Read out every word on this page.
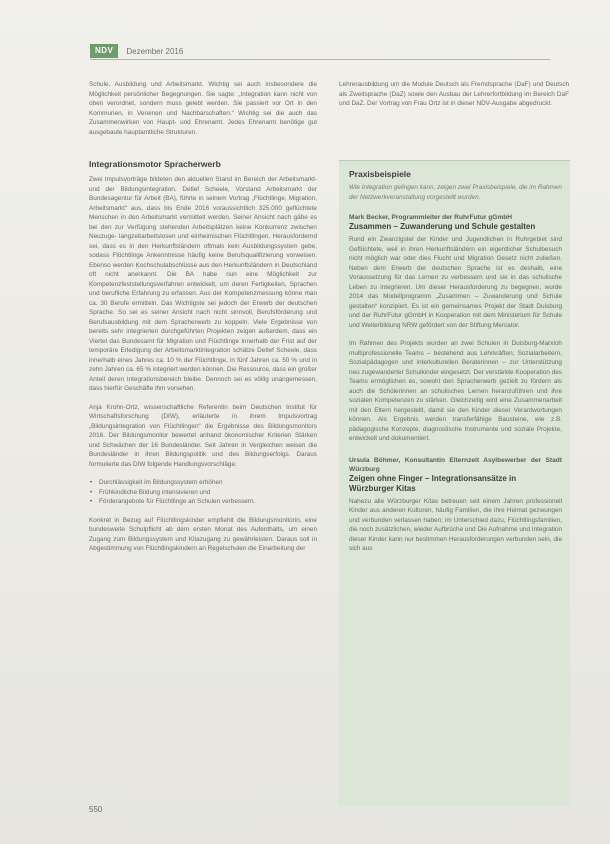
NDV	Dezember 2016

Schule, Ausbildung und Arbeitsmarkt. Wichtig sei auch insbesondere die Möglichkeit persönlicher Begegnungen. Sie sagte: „Integration kann nicht von oben verordnet, sondern muss gelebt werden. Sie passiert vor Ort in den Kommunen, in Vereinen und Nachbarschaften.“ Wichtig sei die auch das Zusammenwirken von Haupt- und Ehrenamt. Jedes Ehrenamt benötige gut ausgebaute hauptamtliche Strukturen.

Integrationsmotor Spracherwerb

Zwei Impulsvorträge bildeten den aktuellen Stand im Bereich der Arbeitsmarkt- und der Bildungsintegration. Detlef Scheele, Vorstand Arbeitsmarkt der Bundesagentur für Arbeit (BA), führte in seinem Vortrag „Flüchtlinge, Migration, Arbeitsmarkt“ aus, dass bis Ende 2016 voraussichtlich 325.000 geflüchtete Menschen in den Arbeitsmarkt vermittelt werden. Seiner Ansicht nach gäbe es bei den zur Verfügung stehenden Arbeitsplätzen keine Konkurrenz zwischen Neuzuge- langzeitarbeitslosen und einheimischen Flüchtlingen. Herausfordernd sei, dass es in den Herkunftsländern oftmals kein Ausbildungssystem gebe, sodass Flüchtlinge Ankenntnisse häufig keine Berufsqualifizierung vorweisen. Ebenso werden Kochschulabschlüsse aus den Herkunftsländern in Deutschland oft nicht anerkannt. Die BA habe nun eine Möglichkeit zur Kompetenzfeststellungsverfahren entwickelt, um deren Fertigkeiten, Sprachen und berufliche Erfahrung zu erfassen. Aus der Kompetenzmessung könne man ca. 30 Berufe ermitteln. Das Wichtigste sei jedoch der Erwerb der deutschen Sprache. So sei es seiner Ansicht nach nicht sinnvoll, Berufsförderung und Berufsausbildung mit dem Spracherwerb zu koppeln. Viele Ergebnisse von bereits sehr integrierten durchgeführten Projekten zeigen außerdem, dass ein Viertel das Bundesamt für Migration und Flüchtlinge innerhalb der Frist auf der temporäre Erledigung der Arbeitsmarktintegration schätze Detlef Scheele, dass innerhalb eines Jahres ca. 10 % der Flüchtlinge, in fünf Jahren ca. 50 % und in zehn Jahren ca. 65 % integriert werden können. Die Ressource, dass ein großer Anteil deren Integrationsbereich bleibe. Dennoch sei es völlig unangemessen, dass hierfür Geschäfte ihm vorsehen.

Anja Krohn-Ortz, wissenschaftliche Referentin beim Deutschen Institut für Wirtschaftsforschung (DIW), erläuterte in ihrem Impulsvortrag „Bildungsintegration von Flüchtlingen“ die Ergebnisse des Bildungsmonitors 2016. Der Bildungsmonitor bewertet anhand ökonomischer Kriterien Stärken und Schwächen der 16 Bundesländer. Seit Jahren in Vergleichen weisen die Bundesländer in ihren Bildungspolitik und des Bildungserfolgs. Daraus formulierte das DIW folgende Handlungsvorschläge:

• Durchlässigkeit im Bildungssystem erhöhen
• Frühkindliche Bildung intensivieren und
• Förderangebote für Flüchtlinge an Schulen verbessern.

Konkret in Bezug auf Flüchtlingskinder empfiehlt die Bildungsmonitorin, eine bundesweite Schulpflicht ab dem ersten Monat des Aufenthalts, um einen Zugang zum Bildungssystem und Kitazugang zu gewährleisten. Daraus soll in Abgestimmung von Flüchtlingskindern an Regelschulen die Einarbeitung der

Lehrerausbildung um die Module Deutsch als Fremdsprache (DaF) und Deutsch als Zweitsprache (DaZ) sowie den Ausbau der Lehrerfortbildung im Bereich DaF und DaZ. Der Vortrag von Frau Ortz ist in dieser NDV-Ausgabe abgedruckt.

Praxisbeispiele

Wie Integration gelingen kann, zeigen zwei Praxisbeispiele, die im Rahmen der Netzwerkveranstaltung vorgestellt wurden.

Mark Becker, Programmleiter der RuhrFutur gGmbH

Zusammen – Zuwanderung und Schule gestalten

Rund ein Zwanzigstel der Kinder und Jugendlichen in Ruhrgebiet sind Geflüchtete, weil in ihren Herkunftsländern ein eigentlicher Schulbesuch nicht möglich war oder dies Flucht und Migration Gesetz nicht zuließen. Neben dem Erwerb der deutschen Sprache ist es deshalb, eine Voraussetzung für das Lernen zu verbessern und sie in das schulische Leben zu integrieren. Um dieser Herausforderung zu begegnen, wurde 2014 das Modellprogramm „Zusammen – Zuwanderung und Schule gestalten“ konzipiert. Es ist ein gemeinsames Projekt der Stadt Duisburg und der RuhrFutur gGmbH in Kooperation mit dem Ministerium für Schule und Weiterbildung NRW gefördert von der Stiftung Mercator.

Im Rahmen des Projekts wurden an zwei Schulen in Duisburg-Marxloh multiprofessionelle Teams – bestehend aus Lehrkräften, Sozialarbeitern, Sozialpädagogen und interkulturellen Beraterinnen – zur Unterstützung neu zugewanderter Schulkinder eingesetzt. Der verstärkte Kooperation des Teams ermöglichen es, sowohl den Spracherwerb gezielt zu fördern als auch die Schülerinnen an schulisches Lernen heranzuführen und ihre sozialen Kompetenzen zu stärken. Gleichzeitig wird eine Zusammenarbeit mit den Eltern hergestellt, damit sie den Kinder dieser Verantwortungen können. Als Ergebnis werden transferfähige Bausteine, wie z.B. pädagogische Konzepte, diagnostische Instrumente und soziale Projekte, entwickelt und dokumentiert.

Ursula Böhmer, Konsultantin Elternzeit Asylbewerber der Stadt Würzburg

Zeigen ohne Finger – Integrationsansätze in Würzburger Kitas

Nahezu alle Würzburger Kitas betreuen seit einem Jahren professionell Kinder aus anderen Kulturen, häufig Familien, die ihre Heimat gezwungen und verbunden verlassen haben; im Unterschied dazu, Flüchtlingsfamilien, die noch zusätzlichen, wieder Aufbrüche und Die Aufnahme und Integration dieser Kinder kann nur bestimmen Herausforderungen verbunden sein, die sich aus

550
